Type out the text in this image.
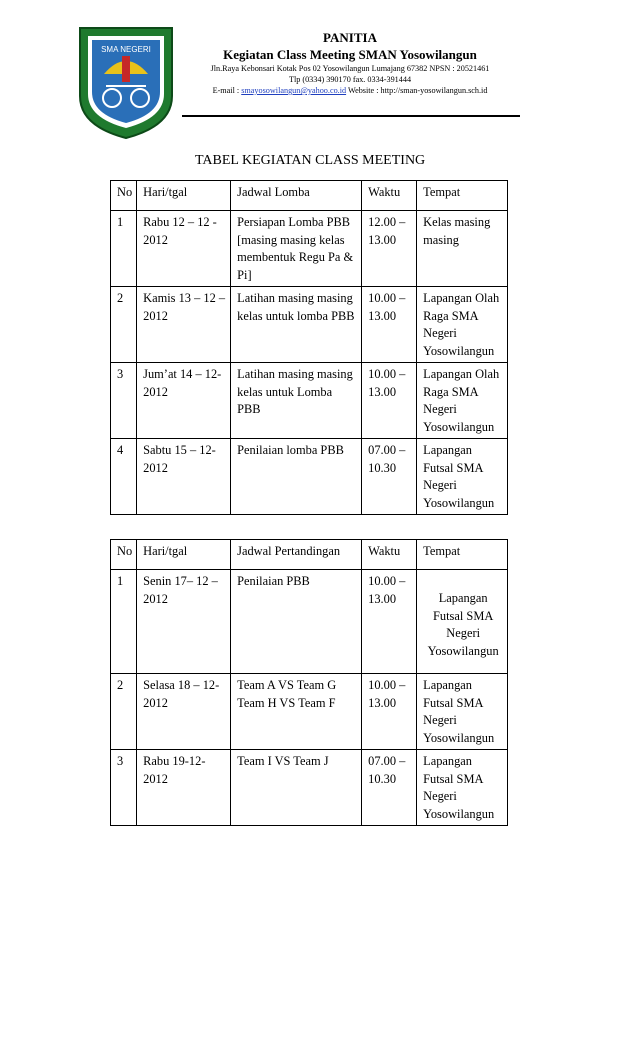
SMA NEGERI
PANITIA
Kegiatan Class Meeting SMAN Yosowilangun
Jln.Raya Kebonsari Kotak Pos 02 Yosowilangun Lumajang 67382 NPSN : 20521461
Tlp (0334) 390170 fax. 0334-391444
E-mail : smayosowilangun@yahoo.co.id Website : http://sman-yosowilangun.sch.id
TABEL KEGIATAN CLASS MEETING
No	Hari/tgal	Jadwal Lomba	Waktu	Tempat
1	Rabu 12 – 12 - 2012	Persiapan Lomba PBB [masing masing kelas membentuk Regu Pa & Pi]	12.00 – 13.00	Kelas masing masing
2	Kamis 13 – 12 – 2012	Latihan masing masing kelas untuk lomba PBB	10.00 – 13.00	Lapangan Olah Raga SMA Negeri Yosowilangun
3	Jum’at 14 – 12-2012	Latihan masing masing kelas untuk Lomba PBB	10.00 – 13.00	Lapangan Olah Raga SMA Negeri Yosowilangun
4	Sabtu 15 – 12-2012	Penilaian lomba PBB	07.00 – 10.30	Lapangan Futsal SMA Negeri Yosowilangun
No	Hari/tgal	Jadwal Pertandingan	Waktu	Tempat
1	Senin 17– 12 – 2012	Penilaian PBB	10.00 – 13.00	Lapangan Futsal SMA Negeri Yosowilangun
2	Selasa 18 – 12-2012	Team A VS Team G
Team H VS Team F	10.00 – 13.00	Lapangan Futsal SMA Negeri Yosowilangun
3	Rabu 19-12-2012	Team I VS Team J	07.00 – 10.30	Lapangan Futsal SMA Negeri Yosowilangun
